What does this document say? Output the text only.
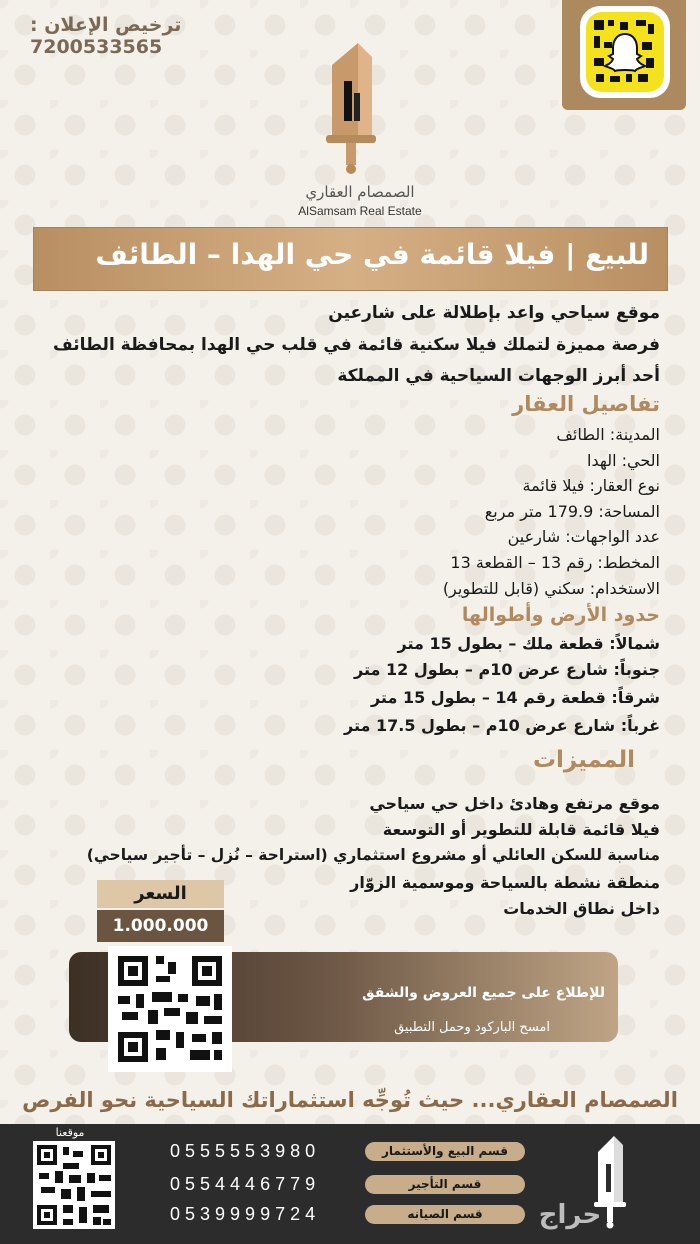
ترخيص الإعلان : 7200533565
الصمصام العقاري
AlSamsam Real Estate
للبيع | فيلا قائمة في حي الهدا – الطائف
موقع سياحي واعد بإطلالة على شارعين
فرصة مميزة لتملك فيلا سكنية قائمة في قلب حي الهدا بمحافظة الطائف
أحد أبرز الوجهات السياحية في المملكة
تفاصيل العقار
المدينة: الطائف
الحي: الهدا
نوع العقار: فيلا قائمة
المساحة: 179.9 متر مربع
عدد الواجهات: شارعين
المخطط: رقم 13 – القطعة 13
الاستخدام: سكني (قابل للتطوير)
حدود الأرض وأطوالها
شمالاً: قطعة ملك – بطول 15 متر
جنوباً: شارع عرض 10م – بطول 12 متر
شرقاً: قطعة رقم 14 – بطول 15 متر
غرباً: شارع عرض 10م – بطول 17.5 متر
المميزات
موقع مرتفع وهادئ داخل حي سياحي
فيلا قائمة قابلة للتطوير أو التوسعة
مناسبة للسكن العائلي أو مشروع استثماري (استراحة – نُزل – تأجير سياحي)
منطقة نشطة بالسياحة وموسمية الزوّار
داخل نطاق الخدمات
السعر
1.000.000
للإطلاع على جميع العروض والشقق
امسح الباركود وحمل التطبيق
الصمصام العقاري... حيث تُوجِّه استثماراتك السياحية نحو الفرص
موقعنا
قسم البيع والأستثمار
قسم التأجير
قسم الصيانه
0555553980
0554446779
0539999724	حراج
